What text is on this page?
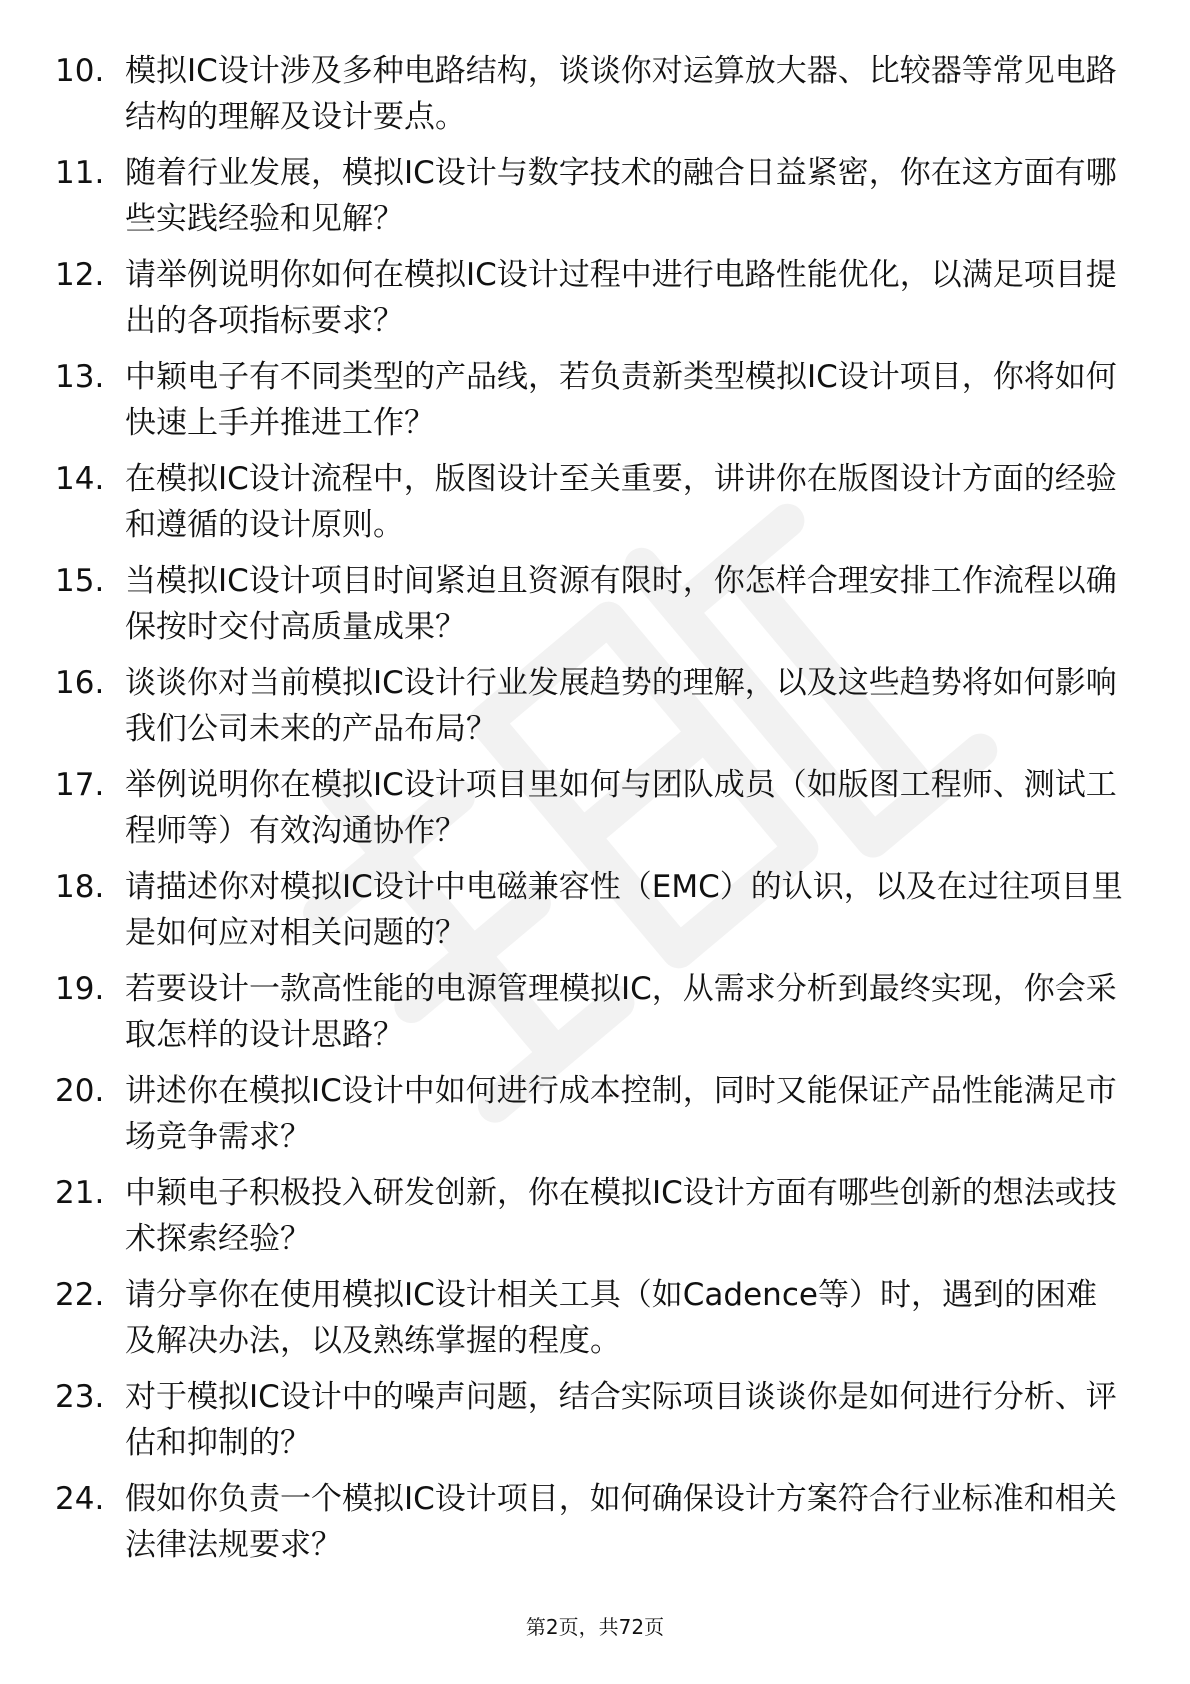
10. 模拟IC设计涉及多种电路结构，谈谈你对运算放大器、比较器等常见电路结构的理解及设计要点。
11. 随着行业发展，模拟IC设计与数字技术的融合日益紧密，你在这方面有哪些实践经验和见解？
12. 请举例说明你如何在模拟IC设计过程中进行电路性能优化，以满足项目提出的各项指标要求？
13. 中颖电子有不同类型的产品线，若负责新类型模拟IC设计项目，你将如何快速上手并推进工作？
14. 在模拟IC设计流程中，版图设计至关重要，讲讲你在版图设计方面的经验和遵循的设计原则。
15. 当模拟IC设计项目时间紧迫且资源有限时，你怎样合理安排工作流程以确保按时交付高质量成果？
16. 谈谈你对当前模拟IC设计行业发展趋势的理解，以及这些趋势将如何影响我们公司未来的产品布局？
17. 举例说明你在模拟IC设计项目里如何与团队成员（如版图工程师、测试工程师等）有效沟通协作？
18. 请描述你对模拟IC设计中电磁兼容性（EMC）的认识，以及在过往项目里是如何应对相关问题的？
19. 若要设计一款高性能的电源管理模拟IC，从需求分析到最终实现，你会采取怎样的设计思路？
20. 讲述你在模拟IC设计中如何进行成本控制，同时又能保证产品性能满足市场竞争需求？
21. 中颖电子积极投入研发创新，你在模拟IC设计方面有哪些创新的想法或技术探索经验？
22. 请分享你在使用模拟IC设计相关工具（如Cadence等）时，遇到的困难及解决办法，以及熟练掌握的程度。
23. 对于模拟IC设计中的噪声问题，结合实际项目谈谈你是如何进行分析、评估和抑制的？
24. 假如你负责一个模拟IC设计项目，如何确保设计方案符合行业标准和相关法律法规要求？
第2页，共72页
